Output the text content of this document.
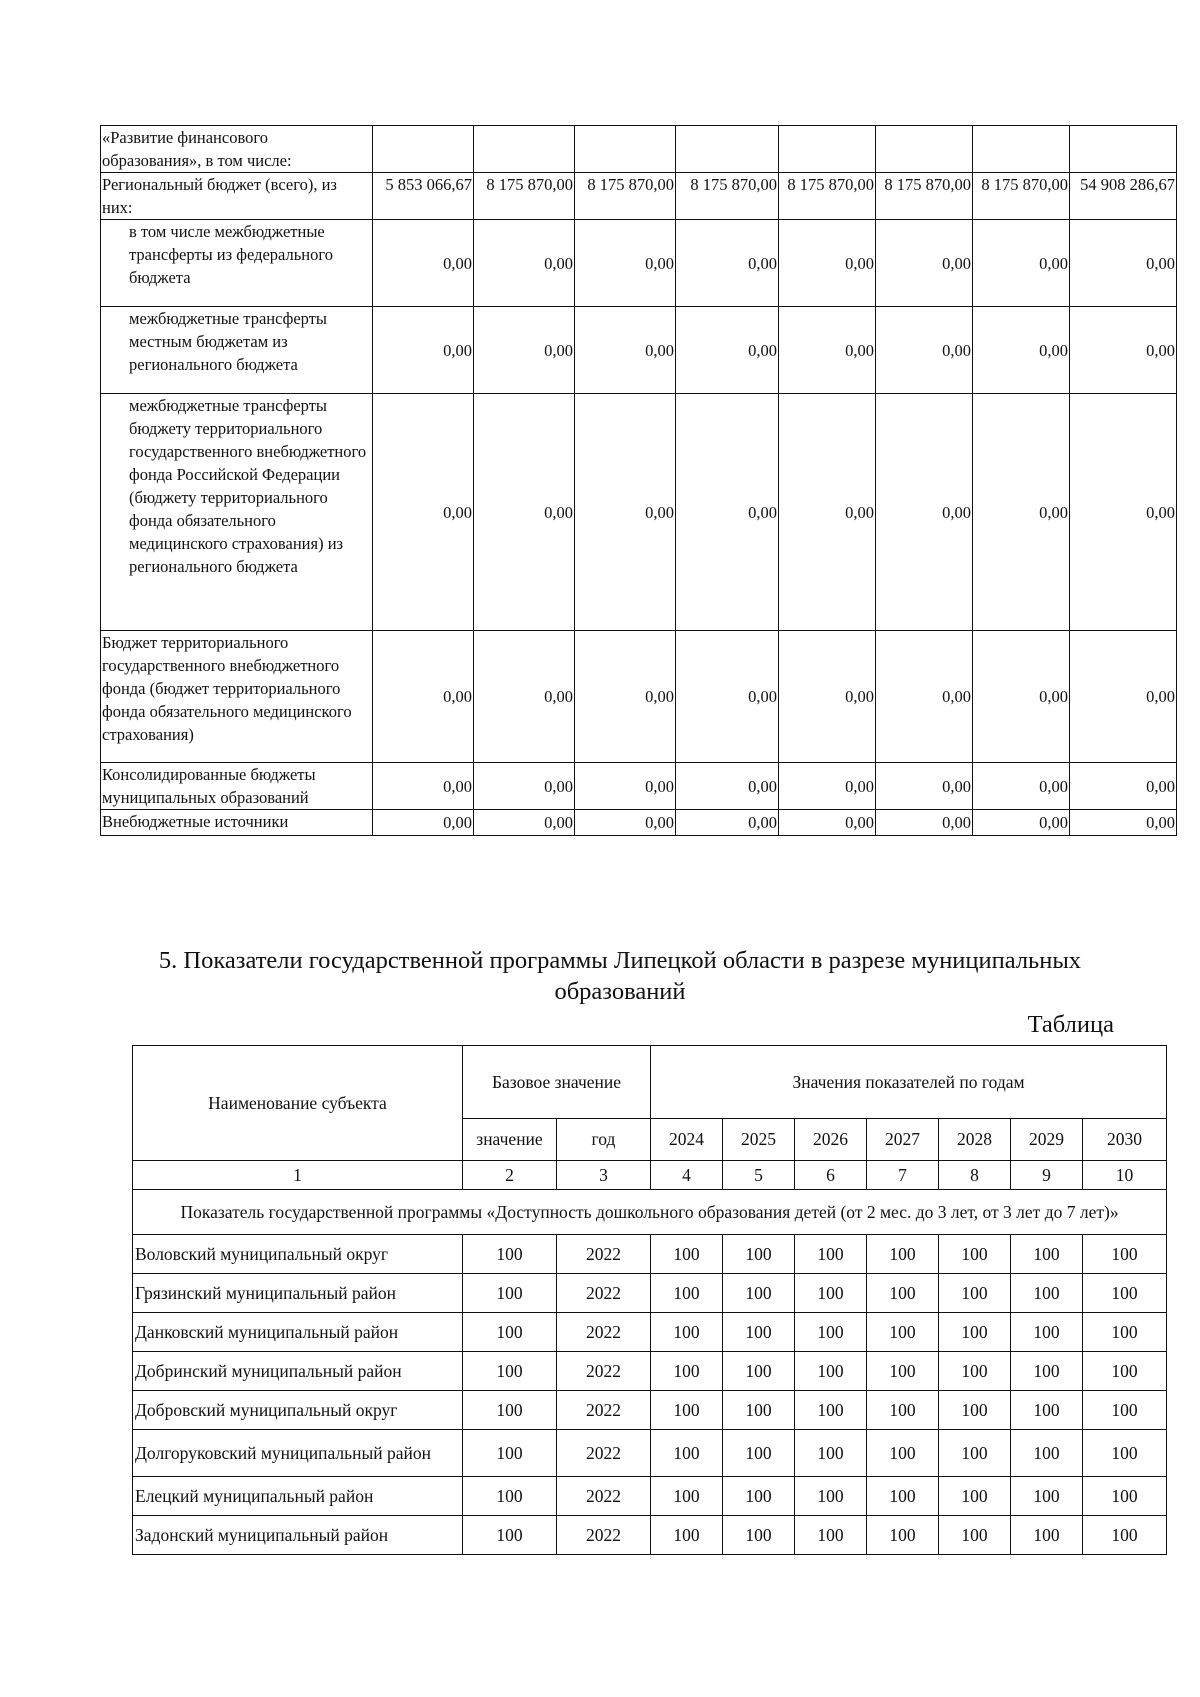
«Развитие финансового образования», в том числе:								
Региональный бюджет (всего), из них:	5 853 066,67	8 175 870,00	8 175 870,00	8 175 870,00	8 175 870,00	8 175 870,00	8 175 870,00	54 908 286,67
в том числе межбюджетные трансферты из федерального бюджета	0,00	0,00	0,00	0,00	0,00	0,00	0,00	0,00
межбюджетные трансферты местным бюджетам из регионального бюджета	0,00	0,00	0,00	0,00	0,00	0,00	0,00	0,00
межбюджетные трансферты бюджету территориального государственного внебюджетного фонда Российской Федерации (бюджету территориального фонда обязательного медицинского страхования) из регионального бюджета	0,00	0,00	0,00	0,00	0,00	0,00	0,00	0,00
Бюджет территориального государственного внебюджетного фонда (бюджет территориального фонда обязательного медицинского страхования)	0,00	0,00	0,00	0,00	0,00	0,00	0,00	0,00
Консолидированные бюджеты муниципальных образований	0,00	0,00	0,00	0,00	0,00	0,00	0,00	0,00
Внебюджетные источники	0,00	0,00	0,00	0,00	0,00	0,00	0,00	0,00
5. Показатели государственной программы Липецкой области в разрезе муниципальных образований
Таблица
Наименование субъекта	Базовое значение		Значения показателей по годам						
	значение	год	2024	2025	2026	2027	2028	2029	2030
1	2	3	4	5	6	7	8	9	10
Показатель государственной программы «Доступность дошкольного образования детей (от 2 мес. до 3 лет, от 3 лет до 7 лет)»									
Воловский муниципальный округ	100	2022	100	100	100	100	100	100	100
Грязинский муниципальный район	100	2022	100	100	100	100	100	100	100
Данковский муниципальный район	100	2022	100	100	100	100	100	100	100
Добринский муниципальный район	100	2022	100	100	100	100	100	100	100
Добровский муниципальный округ	100	2022	100	100	100	100	100	100	100
Долгоруковский муниципальный район	100	2022	100	100	100	100	100	100	100
Елецкий муниципальный район	100	2022	100	100	100	100	100	100	100
Задонский муниципальный район	100	2022	100	100	100	100	100	100	100
